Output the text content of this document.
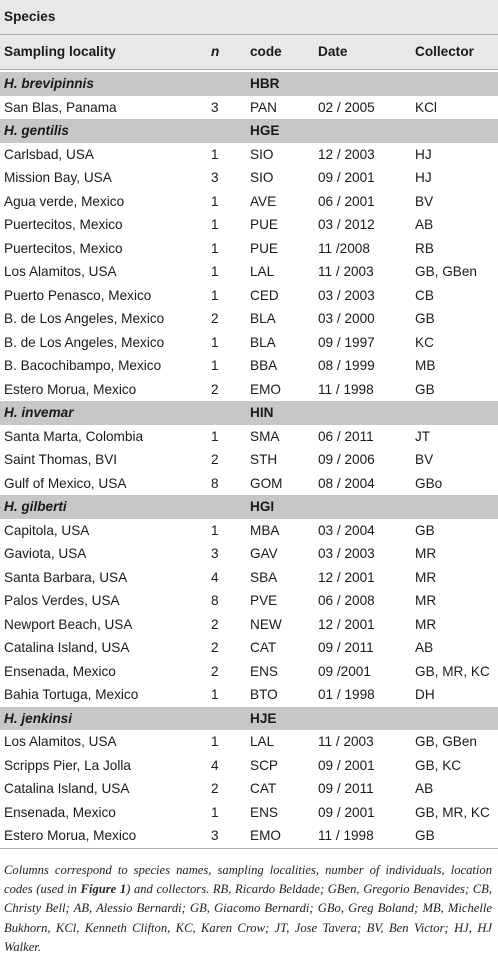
Species
Sampling locality	n code	Date	Collector
H. brevipinnis	HBR
San Blas, Panama	3 PAN	02 / 2005	KCl
H. gentilis	HGE
Carlsbad, USA	1 SIO	12 / 2003	HJ
Mission Bay, USA	3 SIO	09 / 2001	HJ
Agua verde, Mexico	1 AVE	06 / 2001	BV
Puertecitos, Mexico	1 PUE	03 / 2012	AB
Puertecitos, Mexico	1 PUE	11 /2008	RB
Los Alamitos, USA	1 LAL	11 / 2003	GB, GBen
Puerto Penasco, Mexico	1 CED	03 / 2003	CB
B. de Los Angeles, Mexico	2 BLA	03 / 2000	GB
B. de Los Angeles, Mexico	1 BLA	09 / 1997	KC
B. Bacochibampo, Mexico	1 BBA	08 / 1999	MB
Estero Morua, Mexico	2 EMO	11 / 1998	GB
H. invemar	HIN
Santa Marta, Colombia	1 SMA	06 / 2011	JT
Saint Thomas, BVI	2 STH	09 / 2006	BV
Gulf of Mexico, USA	8 GOM	08 / 2004	GBo
H. gilberti	HGI
Capitola, USA	1 MBA	03 / 2004	GB
Gaviota, USA	3 GAV	03 / 2003	MR
Santa Barbara, USA	4 SBA	12 / 2001	MR
Palos Verdes, USA	8 PVE	06 / 2008	MR
Newport Beach, USA	2 NEW	12 / 2001	MR
Catalina Island, USA	2 CAT	09 / 2011	AB
Ensenada, Mexico	2 ENS	09 /2001	GB, MR, KC
Bahia Tortuga, Mexico	1 BTO	01 / 1998	DH
H. jenkinsi	HJE
Los Alamitos, USA	1 LAL	11 / 2003	GB, GBen
Scripps Pier, La Jolla	4 SCP	09 / 2001	GB, KC
Catalina Island, USA	2 CAT	09 / 2011	AB
Ensenada, Mexico	1 ENS	09 / 2001	GB, MR, KC
Estero Morua, Mexico	3 EMO	11 / 1998	GB
Columns correspond to species names, sampling localities, number of individuals, location codes (used in Figure 1) and collectors. RB, Ricardo Beldade; GBen, Gregorio Benavides; CB, Christy Bell; AB, Alessio Bernardi; GB, Giacomo Bernardi; GBo, Greg Boland; MB, Michelle Bukhorn, KCl, Kenneth Clifton, KC, Karen Crow; JT, Jose Tavera; BV, Ben Victor; HJ, HJ Walker.
